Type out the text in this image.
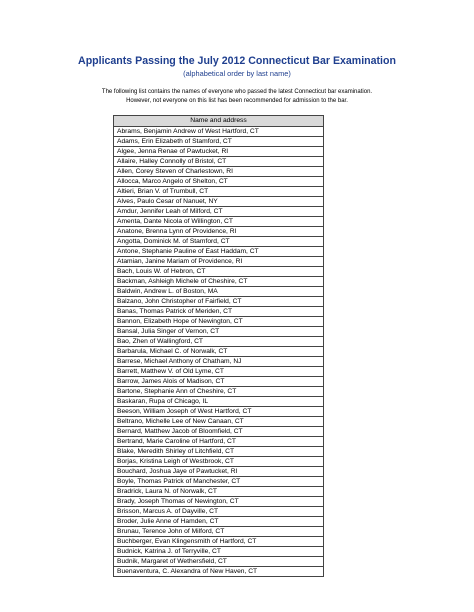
Applicants Passing the July 2012 Connecticut Bar Examination
(alphabetical order by last name)
The following list contains the names of everyone who passed the latest Connecticut bar examination.
However, not everyone on this list has been recommended for admission to the bar.
Name and address
Abrams, Benjamin Andrew of West Hartford, CT
Adams, Erin Elizabeth of Stamford, CT
Algee, Jenna Renae of Pawtucket, RI
Allaire, Halley Connolly of Bristol, CT
Allen, Corey Steven of Charlestown, RI
Allocca, Marco Angelo of Shelton, CT
Altieri, Brian V. of Trumbull, CT
Alves, Paulo Cesar of Nanuet, NY
Amdur, Jennifer Leah of Milford, CT
Amenta, Dante Nicola of Willington, CT
Anatone, Brenna Lynn of Providence, RI
Angotta, Dominick M. of Stamford, CT
Antone, Stephanie Pauline of East Haddam, CT
Atamian, Janine Mariam of Providence, RI
Bach, Louis W. of Hebron, CT
Backman, Ashleigh Michele of Cheshire, CT
Baldwin, Andrew L. of Boston, MA
Balzano, John Christopher of Fairfield, CT
Banas, Thomas Patrick of Meriden, CT
Bannon, Elizabeth Hope of Newington, CT
Bansal, Julia Singer of Vernon, CT
Bao, Zhen of Wallingford, CT
Barbarula, Michael C. of Norwalk, CT
Barrese, Michael Anthony of Chatham, NJ
Barrett, Matthew V. of Old Lyme, CT
Barrow, James Alois of Madison, CT
Bartone, Stephanie Ann of Cheshire, CT
Baskaran, Rupa of Chicago, IL
Beeson, William Joseph of West Hartford, CT
Beltrano, Michelle Lee of New Canaan, CT
Bernard, Matthew Jacob of Bloomfield, CT
Bertrand, Marie Caroline of Hartford, CT
Blake, Meredith Shirley of Litchfield, CT
Borjas, Kristina Leigh of Westbrook, CT
Bouchard, Joshua Jaye of Pawtucket, RI
Boyle, Thomas Patrick of Manchester, CT
Bradrick, Laura N. of Norwalk, CT
Brady, Joseph Thomas of Newington, CT
Brisson, Marcus A. of Dayville, CT
Broder, Julie Anne of Hamden, CT
Brunau, Terence John of Milford, CT
Buchberger, Evan Klingensmith of Hartford, CT
Budnick, Katrina J. of Terryville, CT
Budnik, Margaret of Wethersfield, CT
Buenaventura, C. Alexandra of New Haven, CT
